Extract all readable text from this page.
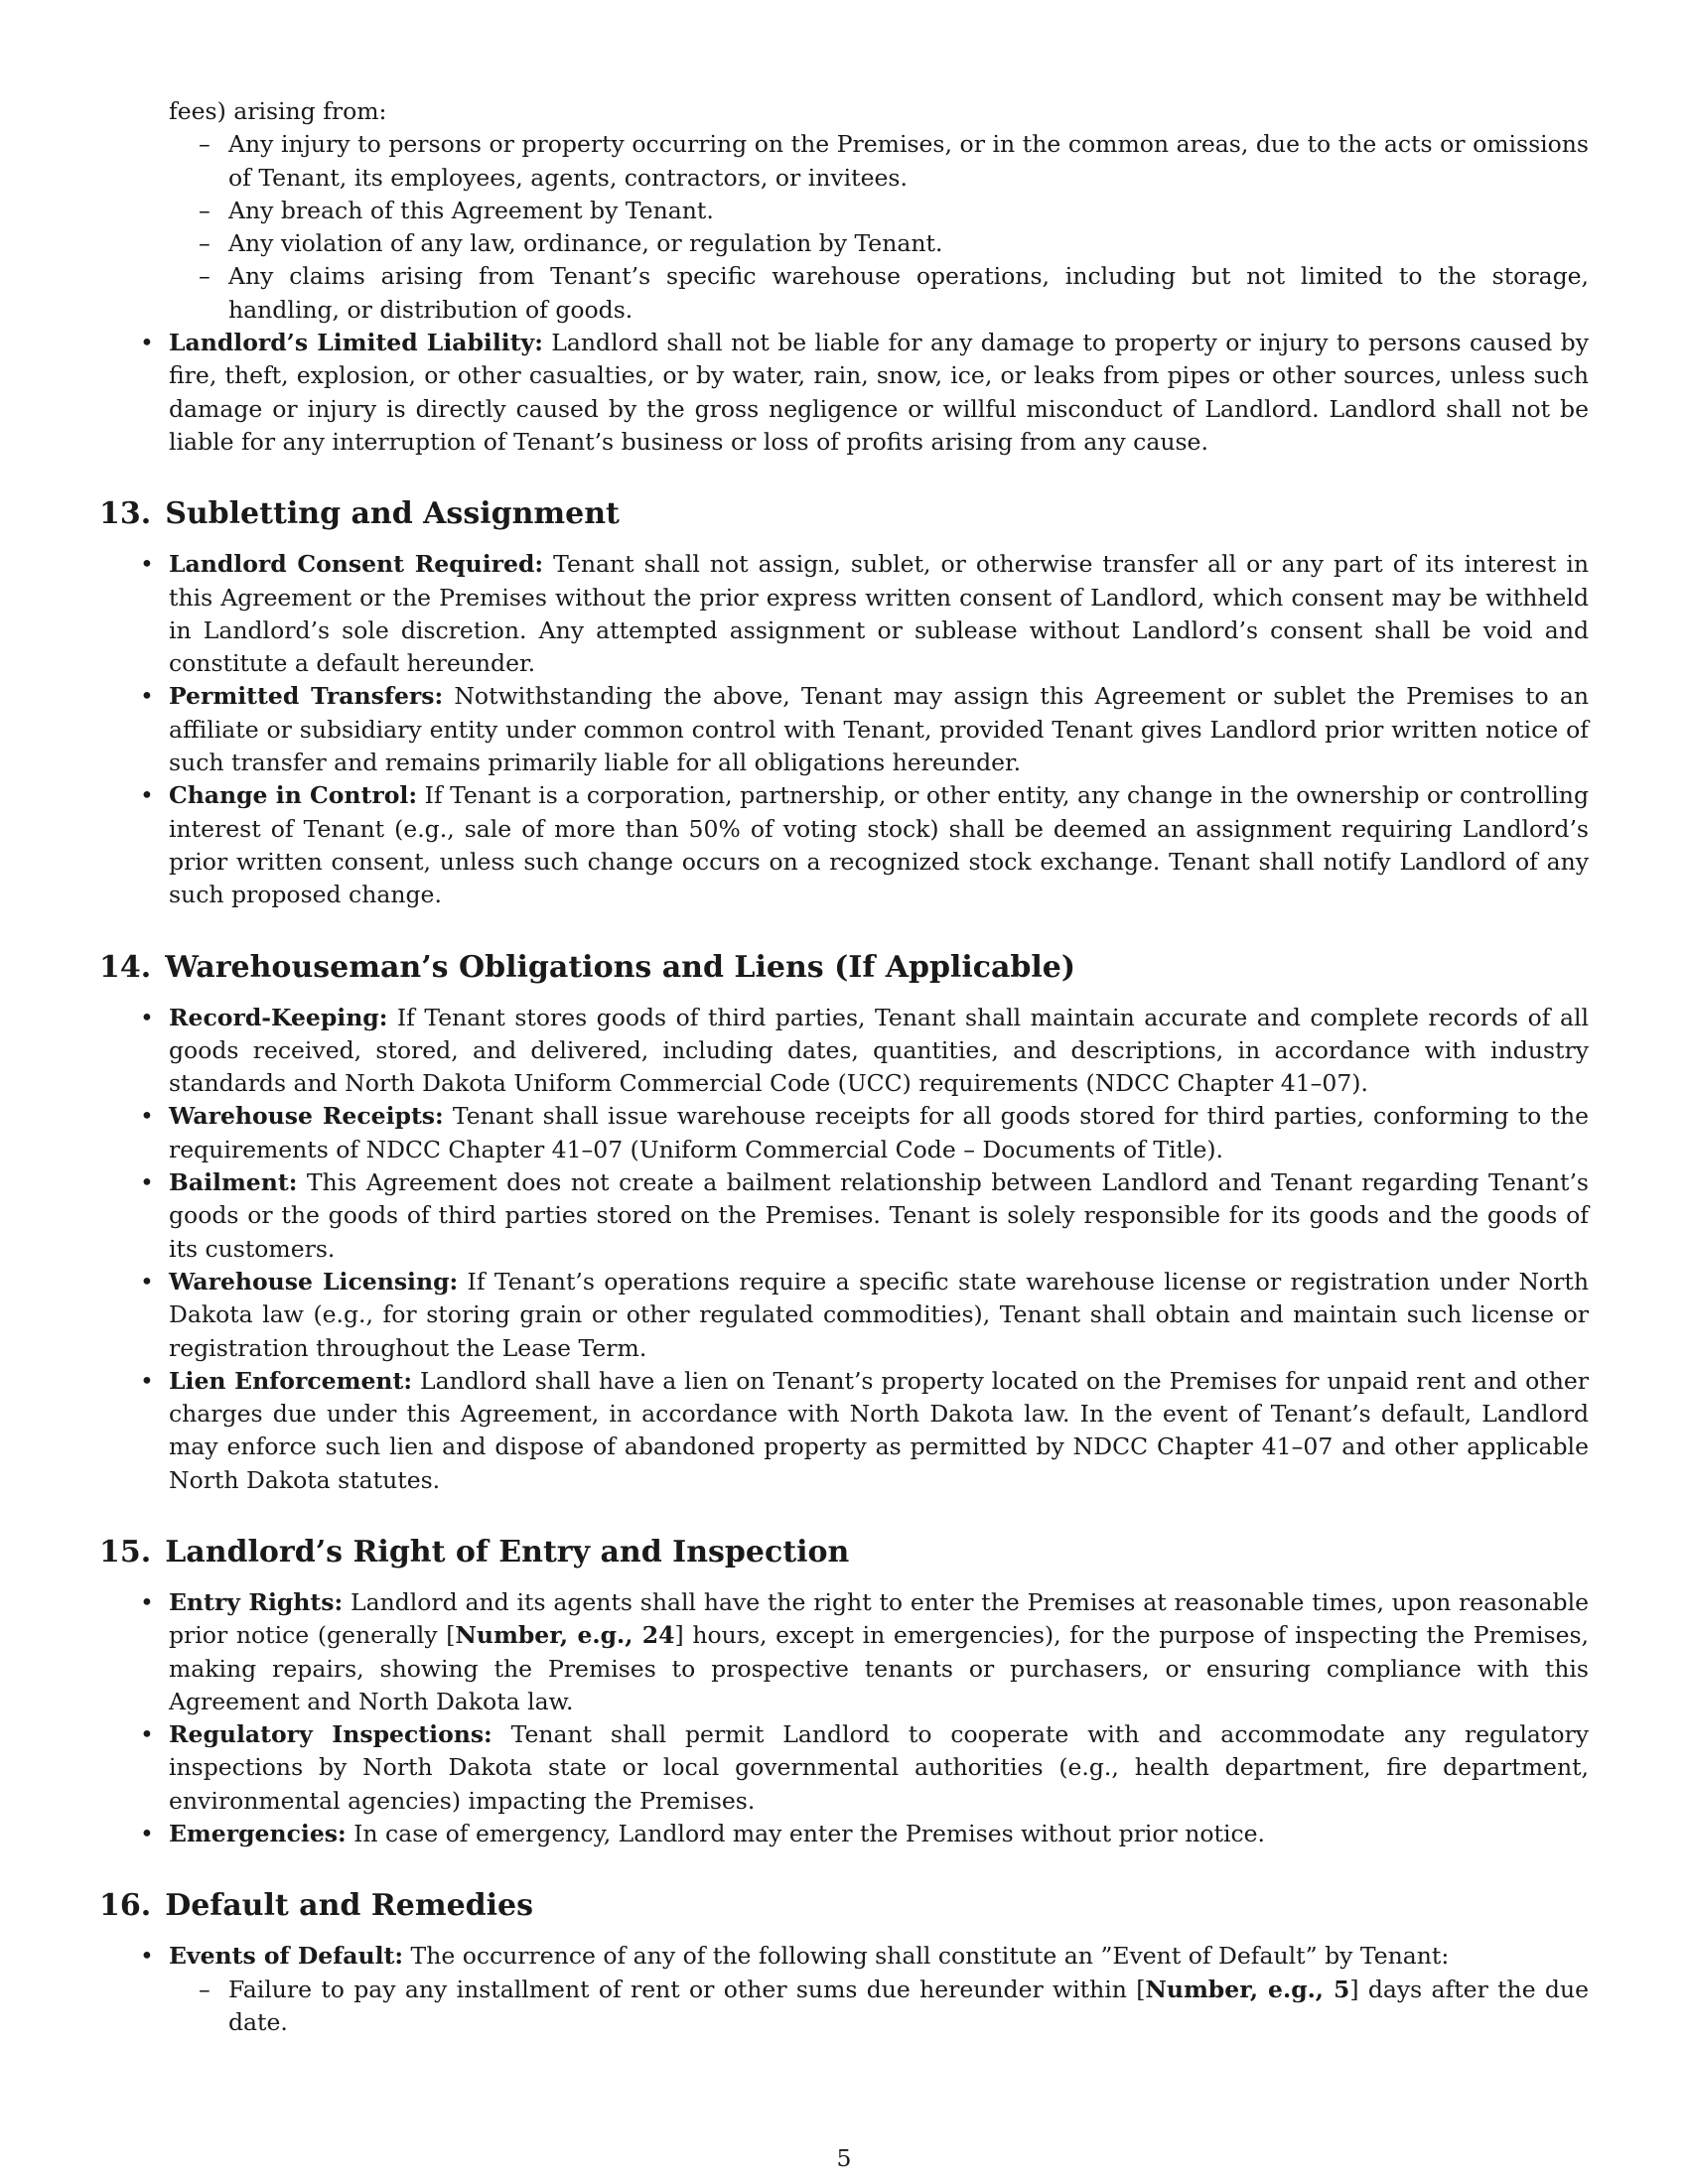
fees) arising from:
– Any injury to persons or property occurring on the Premises, or in the common areas, due to the acts or omissions of Tenant, its employees, agents, contractors, or invitees.
– Any breach of this Agreement by Tenant.
– Any violation of any law, ordinance, or regulation by Tenant.
– Any claims arising from Tenant’s specific warehouse operations, including but not limited to the storage, handling, or distribution of goods.
• Landlord’s Limited Liability: Landlord shall not be liable for any damage to property or injury to persons caused by fire, theft, explosion, or other casualties, or by water, rain, snow, ice, or leaks from pipes or other sources, unless such damage or injury is directly caused by the gross negligence or willful misconduct of Landlord. Landlord shall not be liable for any interruption of Tenant’s business or loss of profits arising from any cause.
13. Subletting and Assignment
• Landlord Consent Required: Tenant shall not assign, sublet, or otherwise transfer all or any part of its interest in this Agreement or the Premises without the prior express written consent of Landlord, which consent may be withheld in Landlord’s sole discretion. Any attempted assignment or sublease without Landlord’s consent shall be void and constitute a default hereunder.
• Permitted Transfers: Notwithstanding the above, Tenant may assign this Agreement or sublet the Premises to an affiliate or subsidiary entity under common control with Tenant, provided Tenant gives Landlord prior written notice of such transfer and remains primarily liable for all obligations hereunder.
• Change in Control: If Tenant is a corporation, partnership, or other entity, any change in the ownership or controlling interest of Tenant (e.g., sale of more than 50% of voting stock) shall be deemed an assignment requiring Landlord’s prior written consent, unless such change occurs on a recognized stock exchange. Tenant shall notify Landlord of any such proposed change.
14. Warehouseman’s Obligations and Liens (If Applicable)
• Record-Keeping: If Tenant stores goods of third parties, Tenant shall maintain accurate and complete records of all goods received, stored, and delivered, including dates, quantities, and descriptions, in accordance with industry standards and North Dakota Uniform Commercial Code (UCC) requirements (NDCC Chapter 41–07).
• Warehouse Receipts: Tenant shall issue warehouse receipts for all goods stored for third parties, conforming to the requirements of NDCC Chapter 41–07 (Uniform Commercial Code – Documents of Title).
• Bailment: This Agreement does not create a bailment relationship between Landlord and Tenant regarding Tenant’s goods or the goods of third parties stored on the Premises. Tenant is solely responsible for its goods and the goods of its customers.
• Warehouse Licensing: If Tenant’s operations require a specific state warehouse license or registration under North Dakota law (e.g., for storing grain or other regulated commodities), Tenant shall obtain and maintain such license or registration throughout the Lease Term.
• Lien Enforcement: Landlord shall have a lien on Tenant’s property located on the Premises for unpaid rent and other charges due under this Agreement, in accordance with North Dakota law. In the event of Tenant’s default, Landlord may enforce such lien and dispose of abandoned property as permitted by NDCC Chapter 41–07 and other applicable North Dakota statutes.
15. Landlord’s Right of Entry and Inspection
• Entry Rights: Landlord and its agents shall have the right to enter the Premises at reasonable times, upon reasonable prior notice (generally [Number, e.g., 24] hours, except in emergencies), for the purpose of inspecting the Premises, making repairs, showing the Premises to prospective tenants or purchasers, or ensuring compliance with this Agreement and North Dakota law.
• Regulatory Inspections: Tenant shall permit Landlord to cooperate with and accommodate any regulatory inspections by North Dakota state or local governmental authorities (e.g., health department, fire department, environmental agencies) impacting the Premises.
• Emergencies: In case of emergency, Landlord may enter the Premises without prior notice.
16. Default and Remedies
• Events of Default: The occurrence of any of the following shall constitute an ”Event of Default” by Tenant:
– Failure to pay any installment of rent or other sums due hereunder within [Number, e.g., 5] days after the due date.
5
